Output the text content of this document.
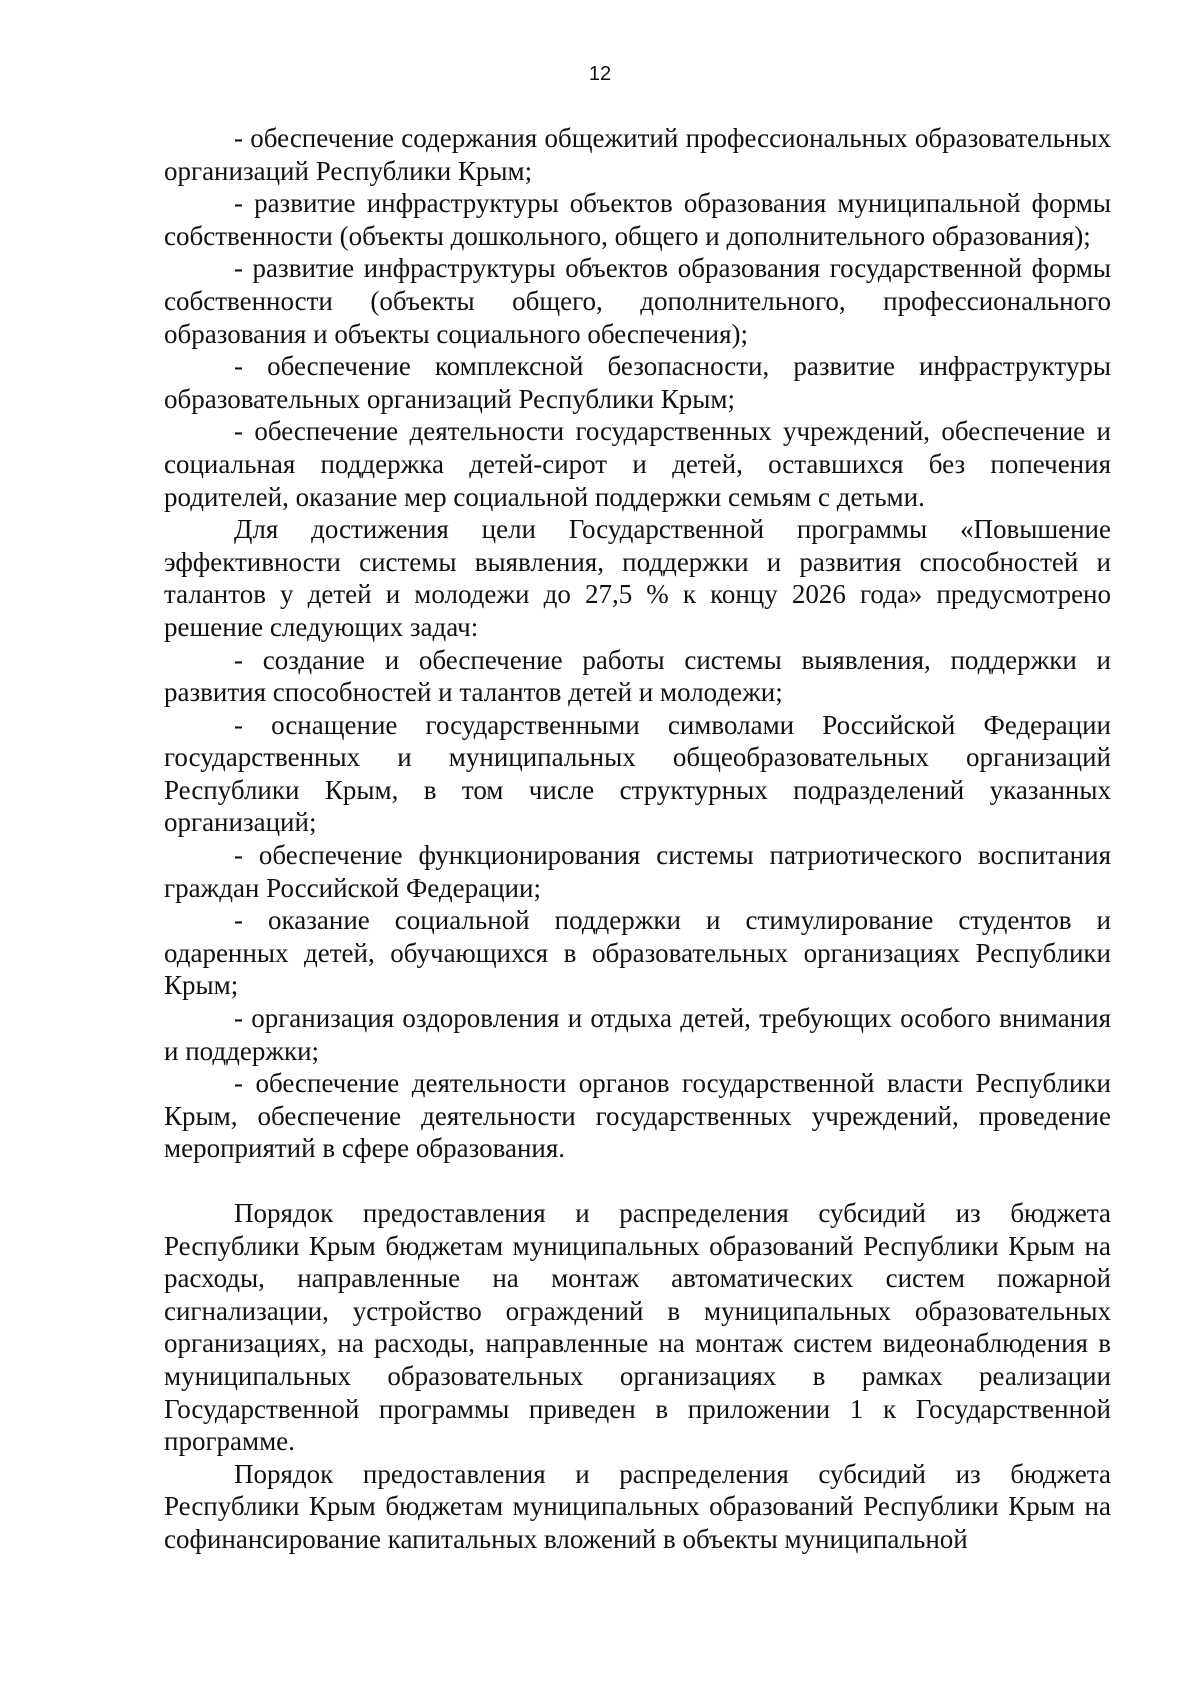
12

- обеспечение содержания общежитий профессиональных образовательных организаций Республики Крым;

- развитие инфраструктуры объектов образования муниципальной формы собственности (объекты дошкольного, общего и дополнительного образования);

- развитие инфраструктуры объектов образования государственной формы собственности (объекты общего, дополнительного, профессионального образования и объекты социального обеспечения);

- обеспечение комплексной безопасности, развитие инфраструктуры образовательных организаций Республики Крым;

- обеспечение деятельности государственных учреждений, обеспечение и социальная поддержка детей-сирот и детей, оставшихся без попечения родителей, оказание мер социальной поддержки семьям с детьми.

Для достижения цели Государственной программы «Повышение эффективности системы выявления, поддержки и развития способностей и талантов у детей и молодежи до 27,5 % к концу 2026 года» предусмотрено решение следующих задач:

- создание и обеспечение работы системы выявления, поддержки и развития способностей и талантов детей и молодежи;

- оснащение государственными символами Российской Федерации государственных и муниципальных общеобразовательных организаций Республики Крым, в том числе структурных подразделений указанных организаций;

- обеспечение функционирования системы патриотического воспитания граждан Российской Федерации;

- оказание социальной поддержки и стимулирование студентов и одаренных детей, обучающихся в образовательных организациях Республики Крым;

- организация оздоровления и отдыха детей, требующих особого внимания и поддержки;

- обеспечение деятельности органов государственной власти Республики Крым, обеспечение деятельности государственных учреждений, проведение мероприятий в сфере образования.

Порядок предоставления и распределения субсидий из бюджета Республики Крым бюджетам муниципальных образований Республики Крым на расходы, направленные на монтаж автоматических систем пожарной сигнализации, устройство ограждений в муниципальных образовательных организациях, на расходы, направленные на монтаж систем видеонаблюдения в муниципальных образовательных организациях в рамках реализации Государственной программы приведен в приложении 1 к Государственной программе.

Порядок предоставления и распределения субсидий из бюджета Республики Крым бюджетам муниципальных образований Республики Крым на софинансирование капитальных вложений в объекты муниципальной
